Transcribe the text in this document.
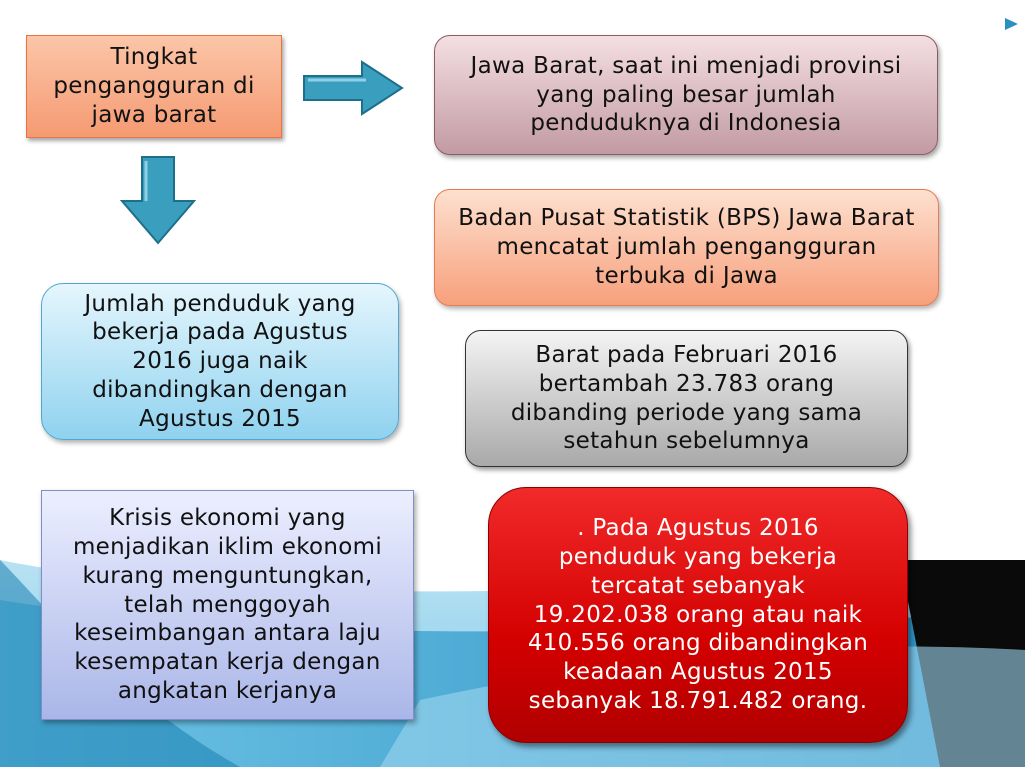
Tingkat
pengangguran di
jawa barat
Jawa Barat, saat ini menjadi provinsi
yang paling besar jumlah
penduduknya di Indonesia
Badan Pusat Statistik (BPS) Jawa Barat
mencatat jumlah pengangguran
terbuka di Jawa
Jumlah penduduk yang
bekerja pada Agustus
2016 juga naik
dibandingkan dengan
Agustus 2015
Barat pada Februari 2016
bertambah 23.783 orang
dibanding periode yang sama
setahun sebelumnya
Krisis ekonomi yang
menjadikan iklim ekonomi
kurang menguntungkan,
telah menggoyah
keseimbangan antara laju
kesempatan kerja dengan
angkatan kerjanya
. Pada Agustus 2016
penduduk yang bekerja
tercatat sebanyak
19.202.038 orang atau naik
410.556 orang dibandingkan
keadaan Agustus 2015
sebanyak 18.791.482 orang.
